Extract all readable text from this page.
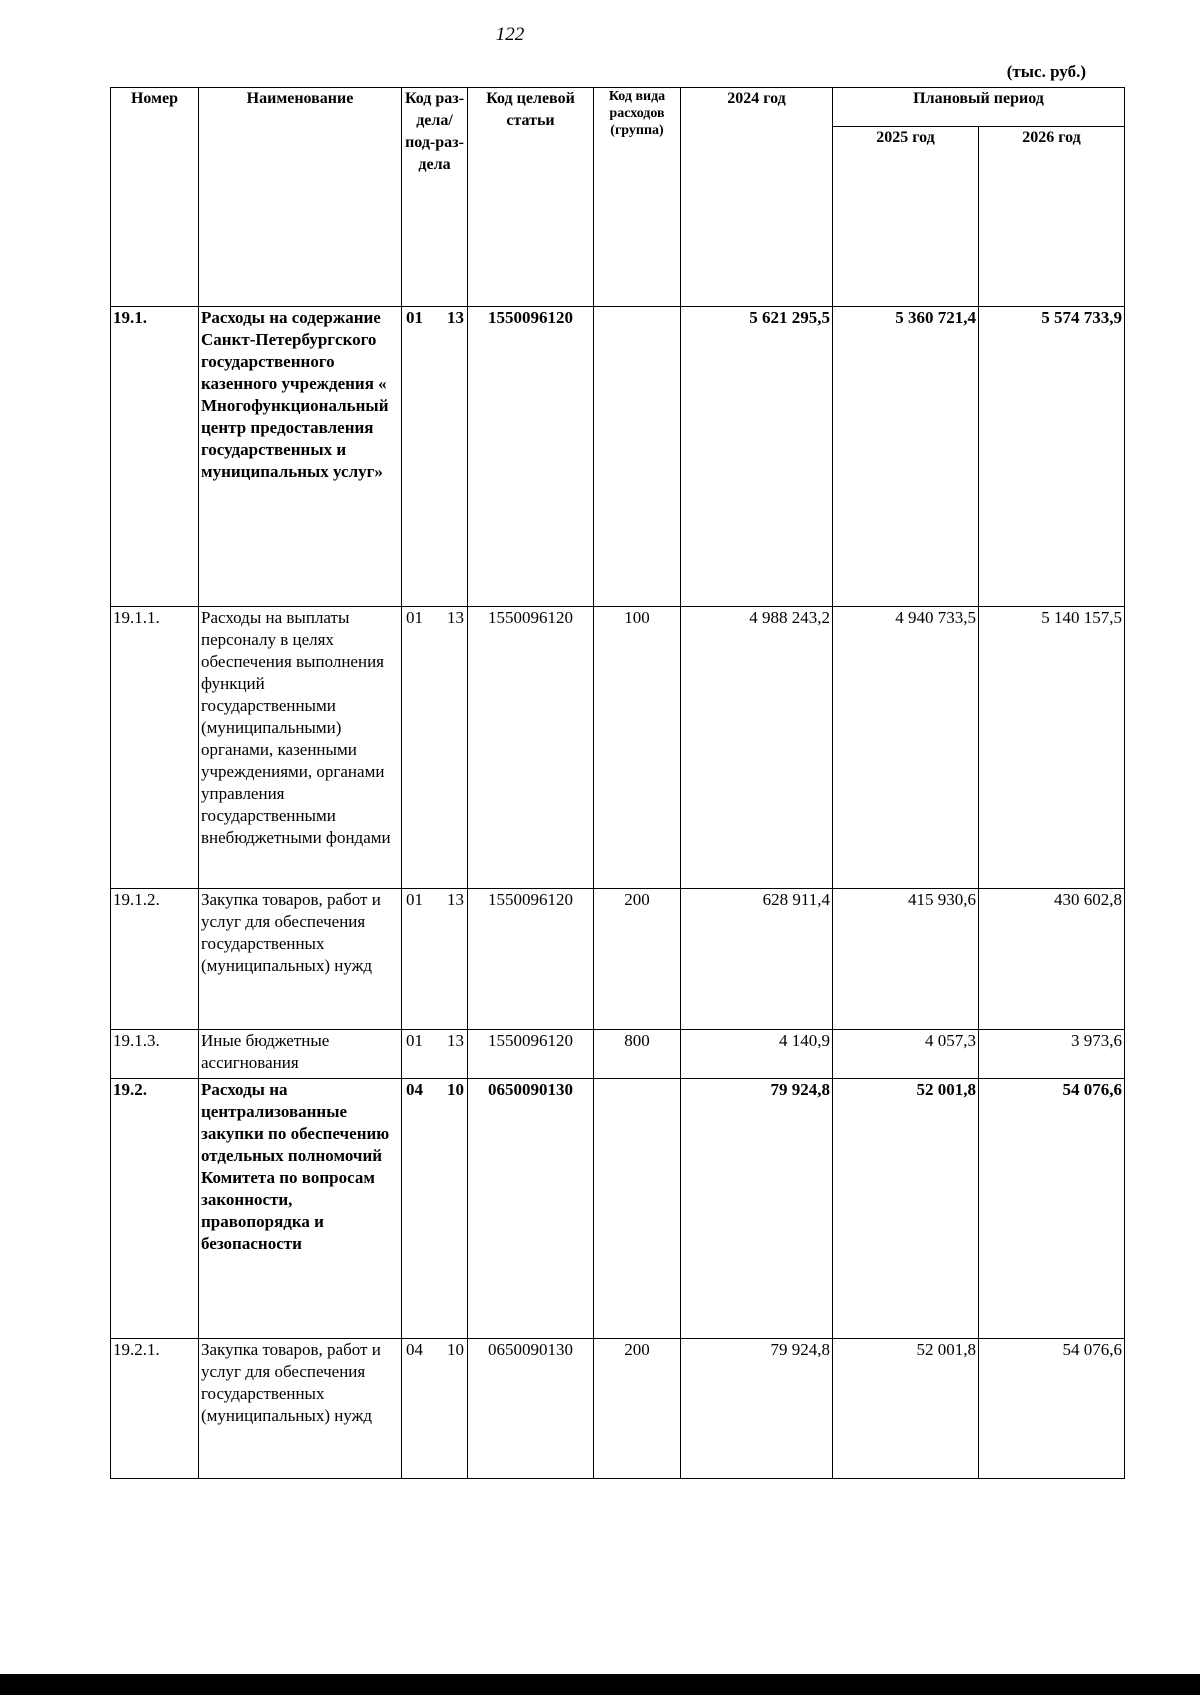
122
(тыс. руб.)
Номер	Наименование	Код раз-дела/ под-раз-дела	Код целевой статьи	Код вида расходов (группа)	2024 год	Плановый период	
						2025 год	2026 год
19.1.	Расходы на содержание Санкт-Петербургского государственного казенного учреждения « Многофункциональный центр предоставления государственных и муниципальных услуг»	01 13	1550096120		5 621 295,5	5 360 721,4	5 574 733,9
19.1.1.	Расходы на выплаты персоналу в целях обеспечения выполнения функций государственными (муниципальными) органами, казенными учреждениями, органами управления государственными внебюджетными фондами	01 13	1550096120	100	4 988 243,2	4 940 733,5	5 140 157,5
19.1.2.	Закупка товаров, работ и услуг для обеспечения государственных (муниципальных) нужд	01 13	1550096120	200	628 911,4	415 930,6	430 602,8
19.1.3.	Иные бюджетные ассигнования	01 13	1550096120	800	4 140,9	4 057,3	3 973,6
19.2.	Расходы на централизованные закупки по обеспечению отдельных полномочий Комитета по вопросам законности, правопорядка и безопасности	04 10	0650090130		79 924,8	52 001,8	54 076,6
19.2.1.	Закупка товаров, работ и услуг для обеспечения государственных (муниципальных) нужд	04 10	0650090130	200	79 924,8	52 001,8	54 076,6
